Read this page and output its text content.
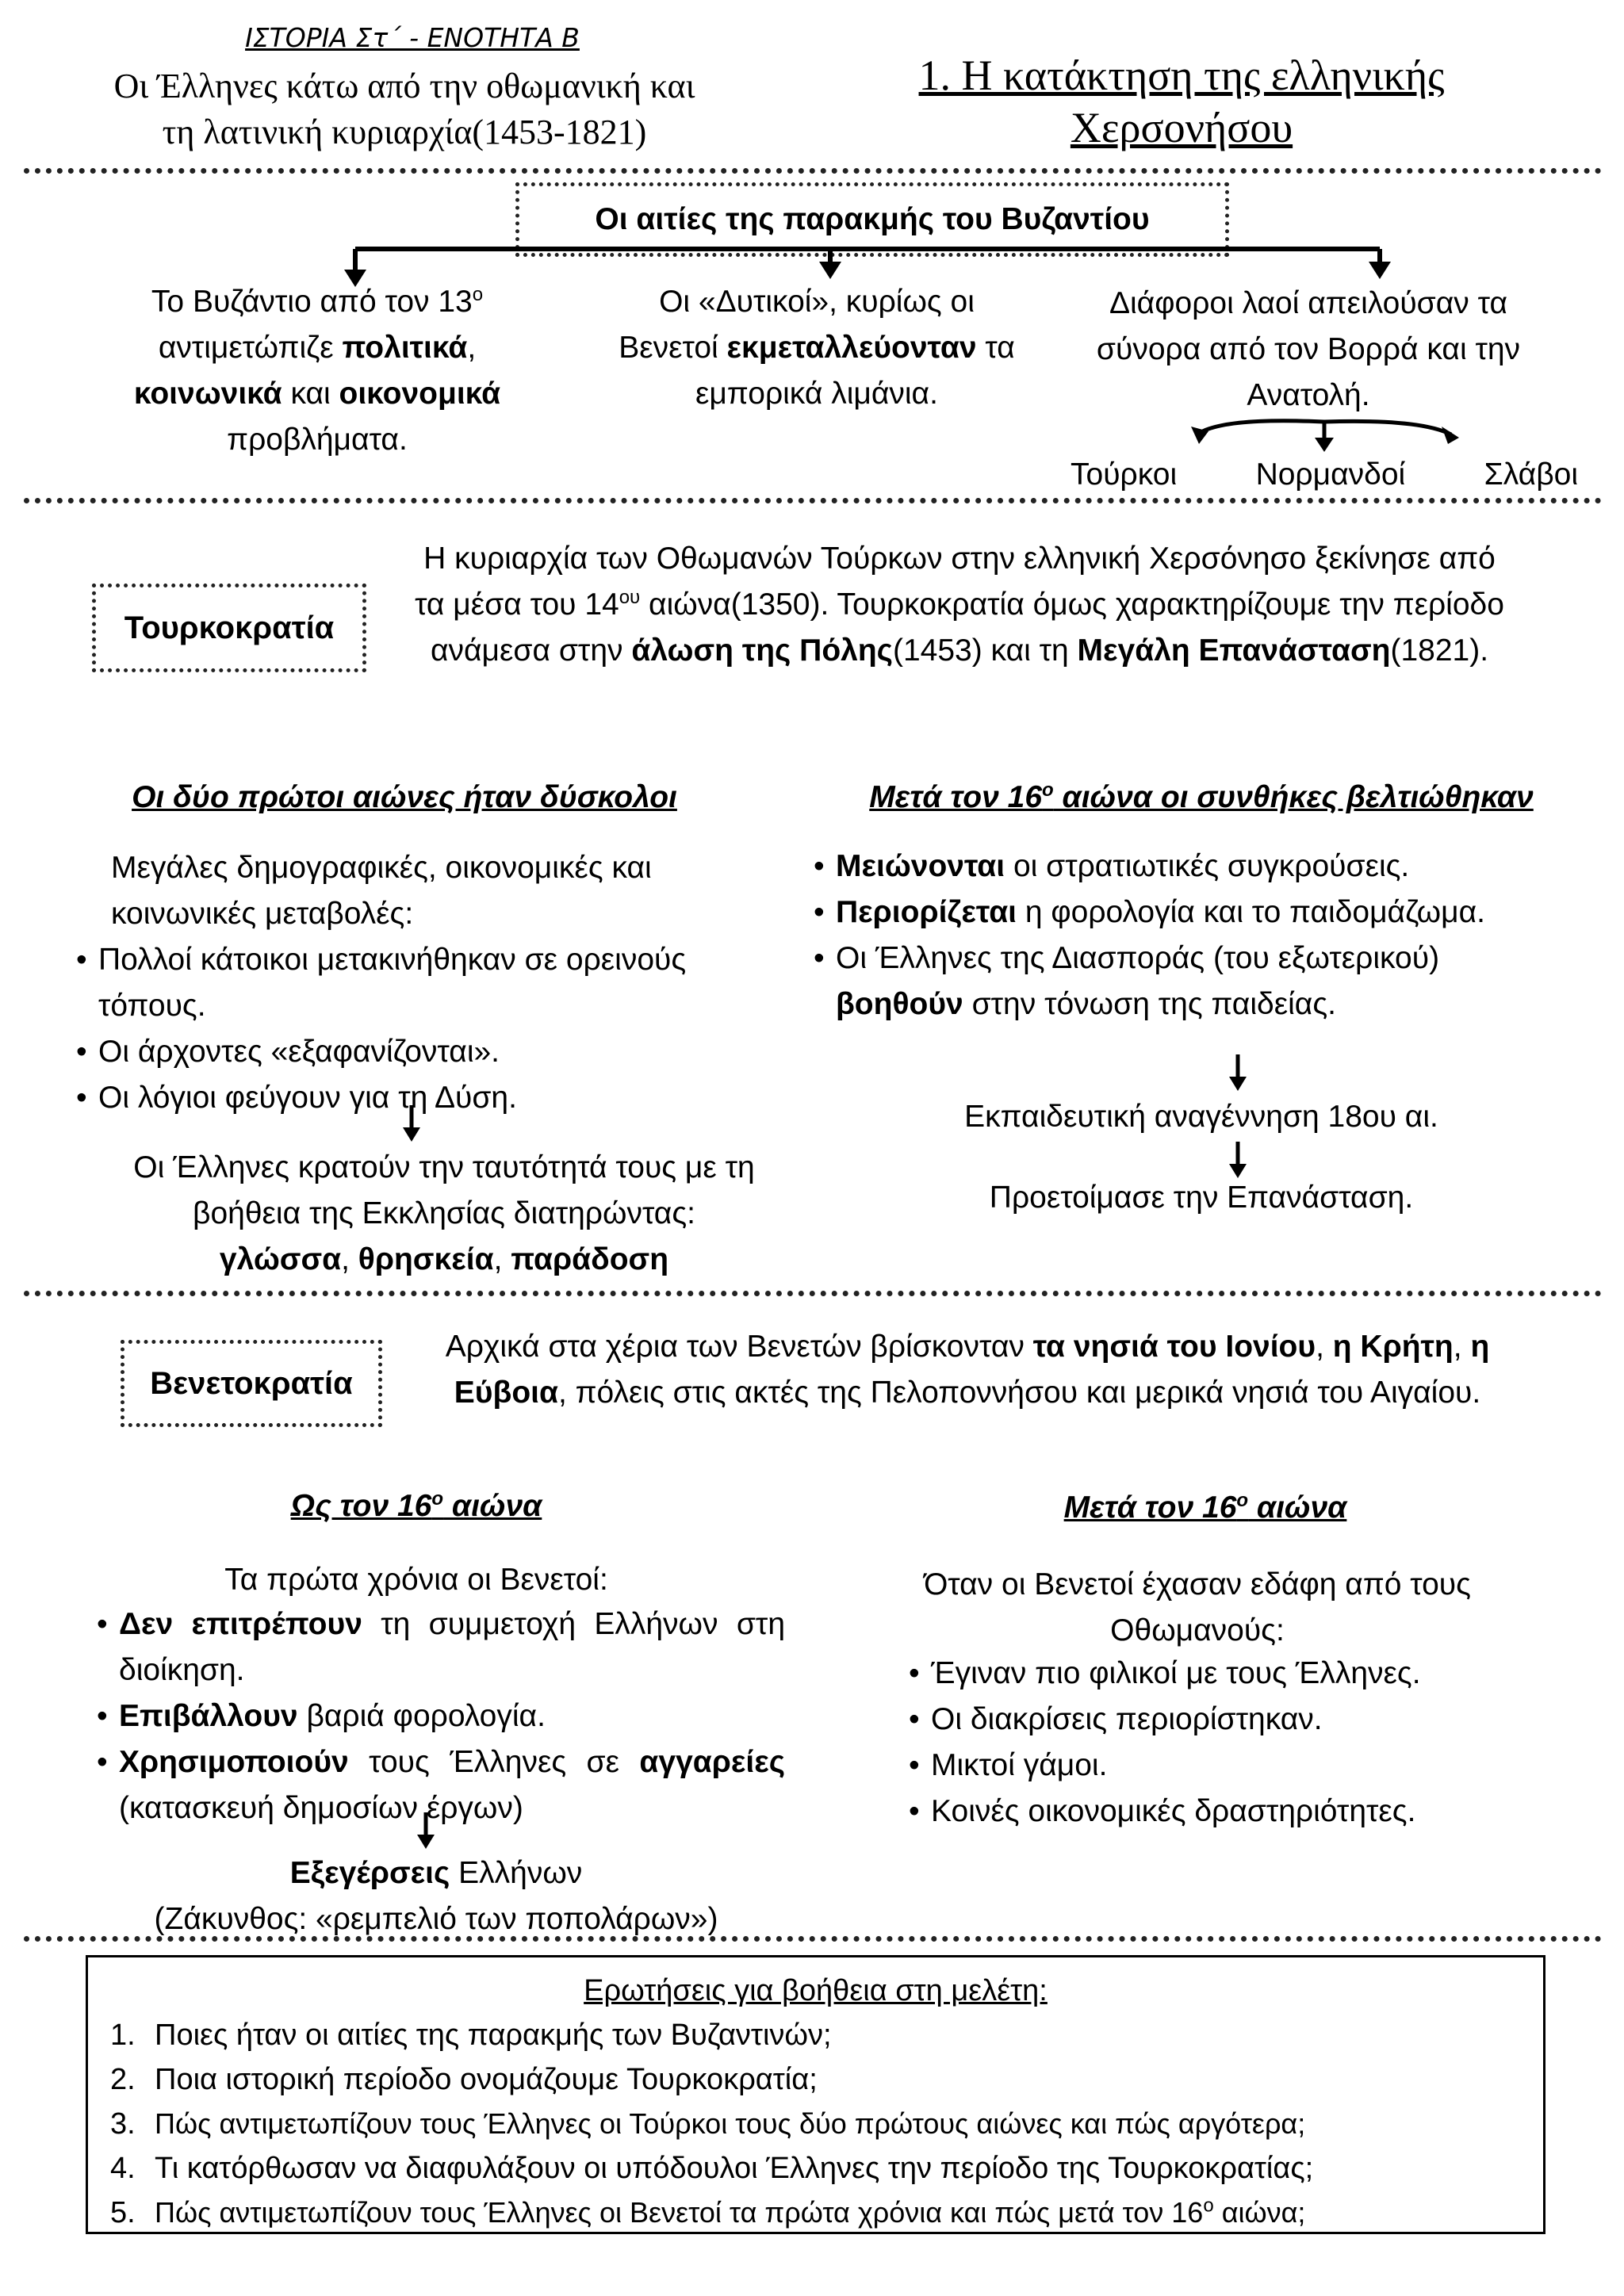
ΙΣΤΟΡΙΑ Στ΄ - ΕΝΟΤΗΤΑ Β
Οι Έλληνες κάτω από την οθωμανική και
τη λατινική κυριαρχία(1453-1821)
1. Η κατάκτηση της ελληνικής
Χερσονήσου
Οι αιτίες της παρακμής του Βυζαντίου
Το Βυζάντιο από τον $13^o$ αντιμετώπιζε πολιτικά, κοινωνικά και οικονομικά προβλήματα.
Οι «Δυτικοί», κυρίως οι Βενετοί εκμεταλλεύονταν τα εμπορικά λιμάνια.
Διάφοροι λαοί απειλούσαν τα σύνορα από τον Βορρά και την Ανατολή.
Τούρκοι	Νορμανδοί	Σλάβοι
Τουρκοκρατία
Η κυριαρχία των Οθωμανών Τούρκων στην ελληνική Χερσόνησο ξεκίνησε από τα μέσα του $14^{o\upsilon}$ αιώνα(1350). Τουρκοκρατία όμως χαρακτηρίζουμε την περίοδο ανάμεσα στην άλωση της Πόλης(1453) και τη Μεγάλη Επανάσταση(1821).
Οι δύο πρώτοι αιώνες ήταν δύσκολοι
Μεγάλες δημογραφικές, οικονομικές και κοινωνικές μεταβολές:
• Πολλοί κάτοικοι μετακινήθηκαν σε ορεινούς τόπους.
• Οι άρχοντες «εξαφανίζονται».
• Οι λόγιοι φεύγουν για τη Δύση.
Οι Έλληνες κρατούν την ταυτότητά τους με τη βοήθεια της Εκκλησίας διατηρώντας:
γλώσσα, θρησκεία, παράδοση
Μετά τον $16^o$ αιώνα οι συνθήκες βελτιώθηκαν
• Μειώνονται οι στρατιωτικές συγκρούσεις.
• Περιορίζεται η φορολογία και το παιδομάζωμα.
• Οι Έλληνες της Διασποράς (του εξωτερικού) βοηθούν στην τόνωση της παιδείας.
Εκπαιδευτική αναγέννηση 18ου αι.
Προετοίμασε την Επανάσταση.
Βενετοκρατία
Αρχικά στα χέρια των Βενετών βρίσκονταν τα νησιά του Ιονίου, η Κρήτη, η Εύβοια, πόλεις στις ακτές της Πελοποννήσου και μερικά νησιά του Αιγαίου.
Ως τον $16^o$ αιώνα
Τα πρώτα χρόνια οι Βενετοί:
• Δεν επιτρέπουν τη συμμετοχή Ελλήνων στη διοίκηση.
• Επιβάλλουν βαριά φορολογία.
• Χρησιμοποιούν τους Έλληνες σε αγγαρείες (κατασκευή δημοσίων έργων)
Εξεγέρσεις Ελλήνων
(Ζάκυνθος: «ρεμπελιό των ποπολάρων»)
Μετά τον $16^o$ αιώνα
Όταν οι Βενετοί έχασαν εδάφη από τους Οθωμανούς:
• Έγιναν πιο φιλικοί με τους Έλληνες.
• Οι διακρίσεις περιορίστηκαν.
• Μικτοί γάμοι.
• Κοινές οικονομικές δραστηριότητες.
Ερωτήσεις για βοήθεια στη μελέτη:
1. Ποιες ήταν οι αιτίες της παρακμής των Βυζαντινών;
2. Ποια ιστορική περίοδο ονομάζουμε Τουρκοκρατία;
3. Πώς αντιμετωπίζουν τους Έλληνες οι Τούρκοι τους δύο πρώτους αιώνες και πώς αργότερα;
4. Τι κατόρθωσαν να διαφυλάξουν οι υπόδουλοι Έλληνες την περίοδο της Τουρκοκρατίας;
5. Πώς αντιμετωπίζουν τους Έλληνες οι Βενετοί τα πρώτα χρόνια και πώς μετά τον $16^o$ αιώνα;
